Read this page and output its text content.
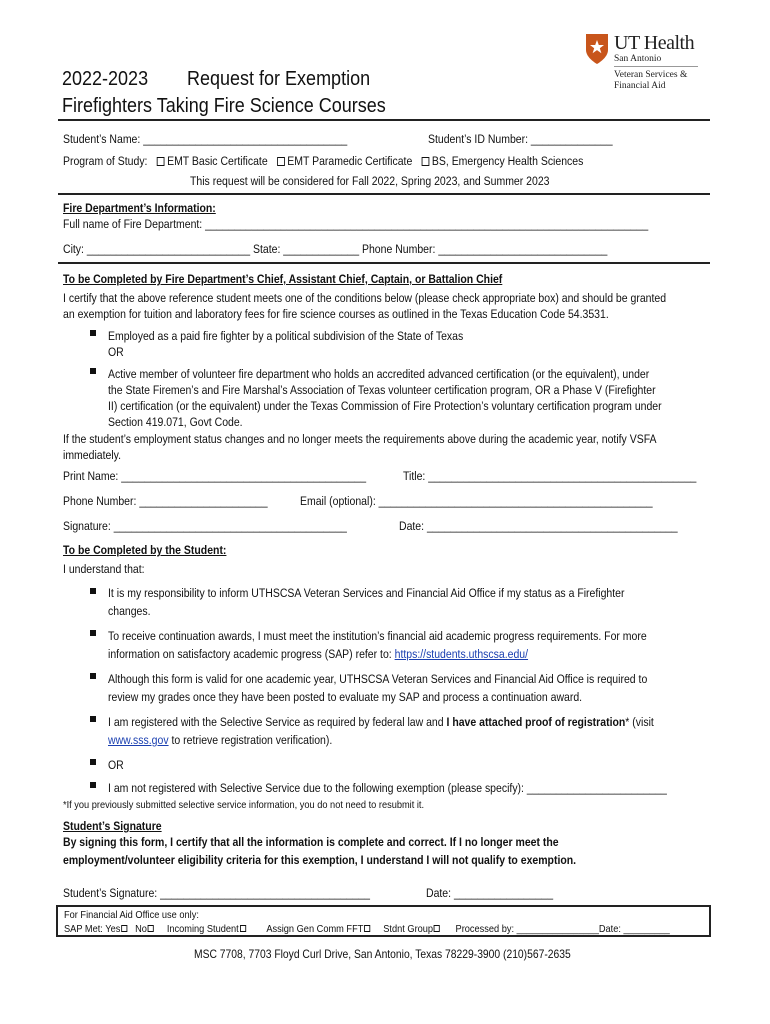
UT Health
San Antonio
Veteran Services &
Financial Aid
2022-2023 Request for Exemption
Firefighters Taking Fire Science Courses
Student’s Name: ___________________________________	Student’s ID Number: ______________
Program of Study: EMT Basic Certificate EMT Paramedic Certificate BS, Emergency Health Sciences
This request will be considered for Fall 2022, Spring 2023, and Summer 2023
Fire Department’s Information:
Full name of Fire Department: ____________________________________________________________________________
City: ____________________________ State: _____________ Phone Number: _____________________________
To be Completed by Fire Department’s Chief, Assistant Chief, Captain, or Battalion Chief
I certify that the above reference student meets one of the conditions below (please check appropriate box) and should be granted
an exemption for tuition and laboratory fees for fire science courses as outlined in the Texas Education Code 54.3531.
Employed as a paid fire fighter by a political subdivision of the State of Texas
OR
Active member of volunteer fire department who holds an accredited advanced certification (or the equivalent), under
the State Firemen’s and Fire Marshal’s Association of Texas volunteer certification program, OR a Phase V (Firefighter
II) certification (or the equivalent) under the Texas Commission of Fire Protection’s voluntary certification program under
Section 419.071, Govt Code.
If the student’s employment status changes and no longer meets the requirements above during the academic year, notify VSFA
immediately.
Print Name: __________________________________________	Title: ______________________________________________
Phone Number: ______________________	Email (optional): _______________________________________________
Signature: ________________________________________	Date: ___________________________________________
To be Completed by the Student:
I understand that:
It is my responsibility to inform UTHSCSA Veteran Services and Financial Aid Office if my status as a Firefighter
changes.
To receive continuation awards, I must meet the institution’s financial aid academic progress requirements. For more
information on satisfactory academic progress (SAP) refer to: https://students.uthscsa.edu/
Although this form is valid for one academic year, UTHSCSA Veteran Services and Financial Aid Office is required to
review my grades once they have been posted to evaluate my SAP and process a continuation award.
I am registered with the Selective Service as required by federal law and I have attached proof of registration* (visit
www.sss.gov to retrieve registration verification).
OR
I am not registered with Selective Service due to the following exemption (please specify): ________________________
*If you previously submitted selective service information, you do not need to resubmit it.
Student’s Signature
By signing this form, I certify that all the information is complete and correct. If I no longer meet the
employment/volunteer eligibility criteria for this exemption, I understand I will not qualify to exemption.
Student’s Signature: ____________________________________	Date: _________________
For Financial Aid Office use only:
SAP Met: Yes No Incoming Student	Assign Gen Comm FFT Stdnt Group Processed by: ________________Date: _________
MSC 7708, 7703 Floyd Curl Drive, San Antonio, Texas 78229-3900 (210)567-2635
